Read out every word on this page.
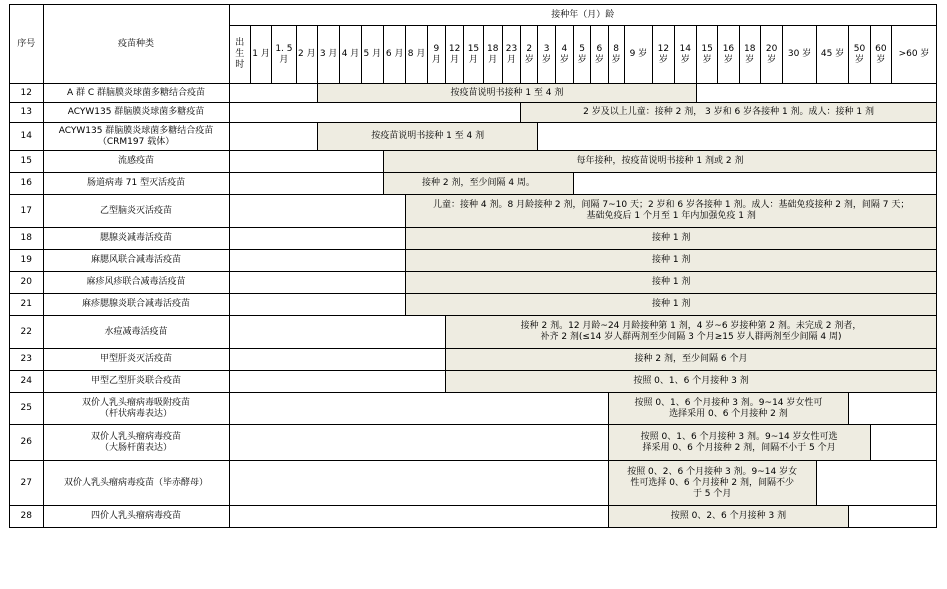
序号	疫苗种类	接种年（月）龄																															
		出
生
时	1 月	1. 5
月	2 月	3 月	4 月	5 月	6 月	8 月	9
月	12
月	15
月	18 月	23
月	2
岁	3
岁	4
岁	5
岁	6
岁	8
岁	9 岁	12
岁	14
岁	15
岁	16
岁	18
岁	20
岁	30 岁	45 岁	50
岁	60
岁	>60 岁
12	A 群 C 群脑膜炎球菌多糖结合疫苗					按疫苗说明书接种 1 至 4 剂																											
13	ACYW135 群脑膜炎球菌多糖疫苗															2 岁及以上儿童：接种 2 剂， 3 岁和 6 岁各接种 1 剂。成人：接种 1 剂																	
14	ACYW135 群脑膜炎球菌多糖结合疫苗
（CRM197 载体）					按疫苗说明书接种 1 至 4 剂																											
15	流感疫苗								每年接种，按疫苗说明书接种 1 剂或 2 剂																								
16	肠道病毒 71 型灭活疫苗								接种 2 剂，至少间隔 4 周。																								
17	乙型脑炎灭活疫苗									儿童：接种 4 剂。8 月龄接种 2 剂，间隔 7~10 天；2 岁和 6 岁各接种 1 剂。成人：基础免疫接种 2 剂，间隔 7 天；
基础免疫后 1 个月至 1 年内加强免疫 1 剂																							
18	腮腺炎减毒活疫苗									接种 1 剂																							
19	麻腮风联合减毒活疫苗									接种 1 剂																							
20	麻疹风疹联合减毒活疫苗									接种 1 剂																							
21	麻疹腮腺炎联合减毒活疫苗									接种 1 剂																							
22	水痘减毒活疫苗											接种 2 剂。12 月龄~24 月龄接种第 1 剂，4 岁~6 岁接种第 2 剂。未完成 2 剂者，
补齐 2 剂(≤14 岁人群两剂至少间隔 3 个月≥15 岁人群两剂至少间隔 4 周)																					
23	甲型肝炎灭活疫苗											接种 2 剂，至少间隔 6 个月																					
24	甲型乙型肝炎联合疫苗											按照 0、1、6 个月接种 3 剂																					
25	双价人乳头瘤病毒吸附疫苗
（杆状病毒表达）																				按照 0、1、6 个月接种 3 剂。9~14 岁女性可
选择采用 0、6 个月接种 2 剂												
26	双价人乳头瘤病毒疫苗
（大肠杆菌表达）																				按照 0、1、6 个月接种 3 剂。9~14 岁女性可选
择采用 0、6 个月接种 2 剂，间隔不小于 5 个月												
27	双价人乳头瘤病毒疫苗（毕赤酵母）																				按照 0、2、6 个月接种 3 剂。9~14 岁女
性可选择 0、6 个月接种 2 剂，间隔不少
于 5 个月												
28	四价人乳头瘤病毒疫苗																				按照 0、2、6 个月接种 3 剂												
